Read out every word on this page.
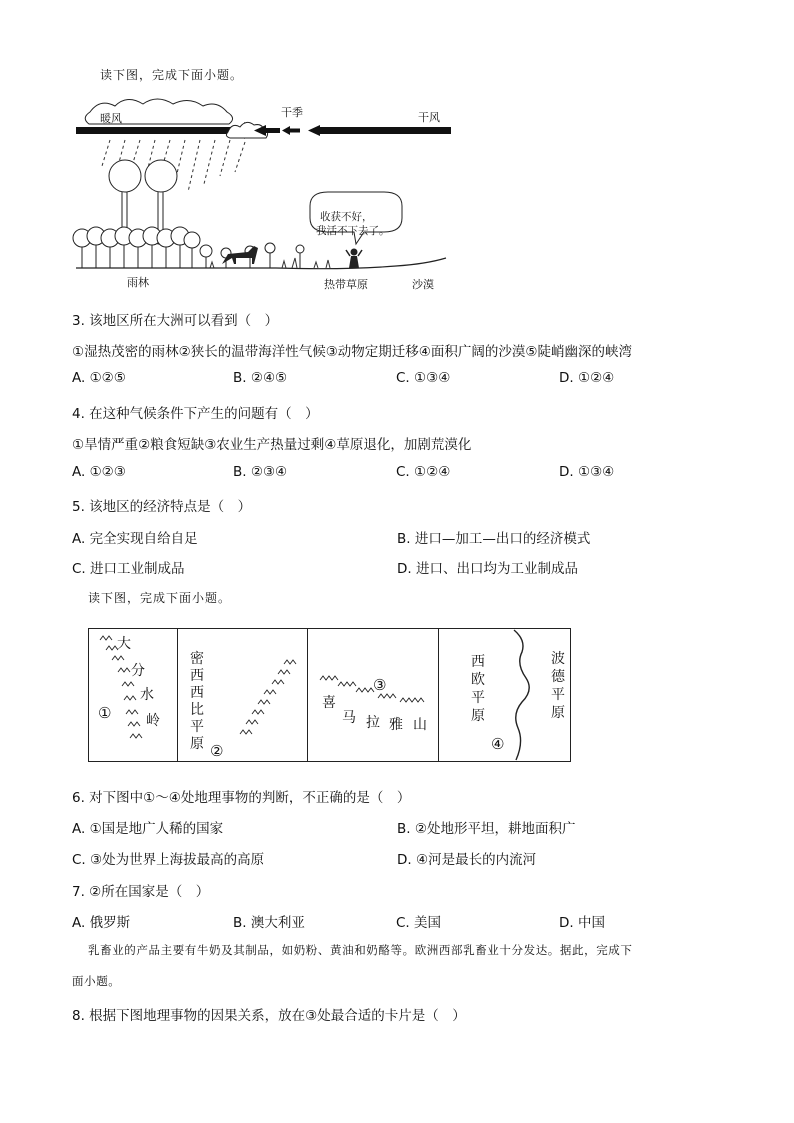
读下图，完成下面小题。
暖风	干季	干风
收获不好，
我活不下去了。
雨林	热带草原	沙漠
3. 该地区所在大洲可以看到（　）
①湿热茂密的雨林②狭长的温带海洋性气候③动物定期迁移④面积广阔的沙漠⑤陡峭幽深的峡湾
A. ①②⑤	B. ②④⑤	C. ①③④	D. ①②④
4. 在这种气候条件下产生的问题有（　）
①旱情严重②粮食短缺③农业生产热量过剩④草原退化，加剧荒漠化
A. ①②③	B. ②③④	C. ①②④	D. ①③④
5. 该地区的经济特点是（　）
A. 完全实现自给自足	B. 进口—加工—出口的经济模式
C. 进口工业制成品	D. 进口、出口均为工业制成品
读下图，完成下面小题。
大
分
水
岭
①
密
西
西
比
平
原 ②
③
喜
马 拉 雅 山
西
欧
平
原
波
德
平
原
④
6. 对下图中①～④处地理事物的判断，不正确的是（　）
A. ①国是地广人稀的国家	B. ②处地形平坦，耕地面积广
C. ③处为世界上海拔最高的高原	D. ④河是最长的内流河
7. ②所在国家是（　）
A. 俄罗斯	B. 澳大利亚	C. 美国	D. 中国
乳畜业的产品主要有牛奶及其制品，如奶粉、黄油和奶酪等。欧洲西部乳畜业十分发达。据此，完成下
面小题。
8. 根据下图地理事物的因果关系，放在③处最合适的卡片是（　）
